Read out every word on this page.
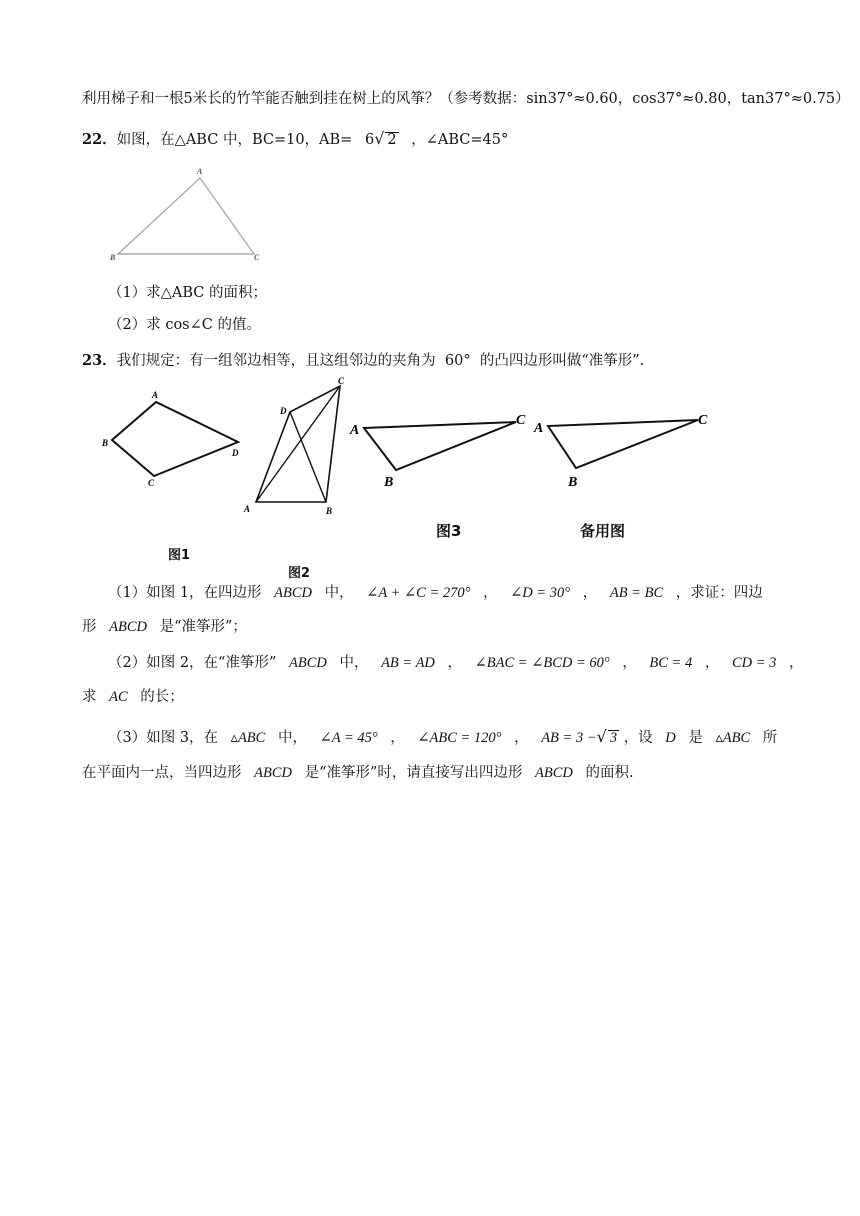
利用梯子和一根5米长的竹竿能否触到挂在树上的风筝？（参考数据：sin37°≈0.60，cos37°≈0.80，tan37°≈0.75）
22．如图，在△ABC 中，BC=10，AB= 6√ 2 ，∠ABC=45°
A
B	C
（1）求△ABC 的面积；
（2）求 cos∠C 的值。
23．我们规定：有一组邻边相等，且这组邻边的夹角为  60°  的凸四边形叫做“准筝形”.
A
B
C
D
图1
A	B
C
D
图2
A
B
C
图3
A
B
C
备用图
（1）如图 1，在四边形 ABCD 中， ∠A + ∠C = 270° ， ∠D = 30° ， AB = BC ，求证：四边
形 ABCD 是“准筝形”；
（2）如图 2，在“准筝形” ABCD 中， AB = AD ， ∠BAC = ∠BCD = 60° ， BC = 4 ， CD = 3 ，
求 AC 的长；
（3）如图 3，在 ▵ABC 中， ∠A = 45° ， ∠ABC = 120° ， AB = 3 −√ 3 ，设 D 是 ▵ABC 所
在平面内一点，当四边形 ABCD 是“准筝形”时，请直接写出四边形 ABCD 的面积.
